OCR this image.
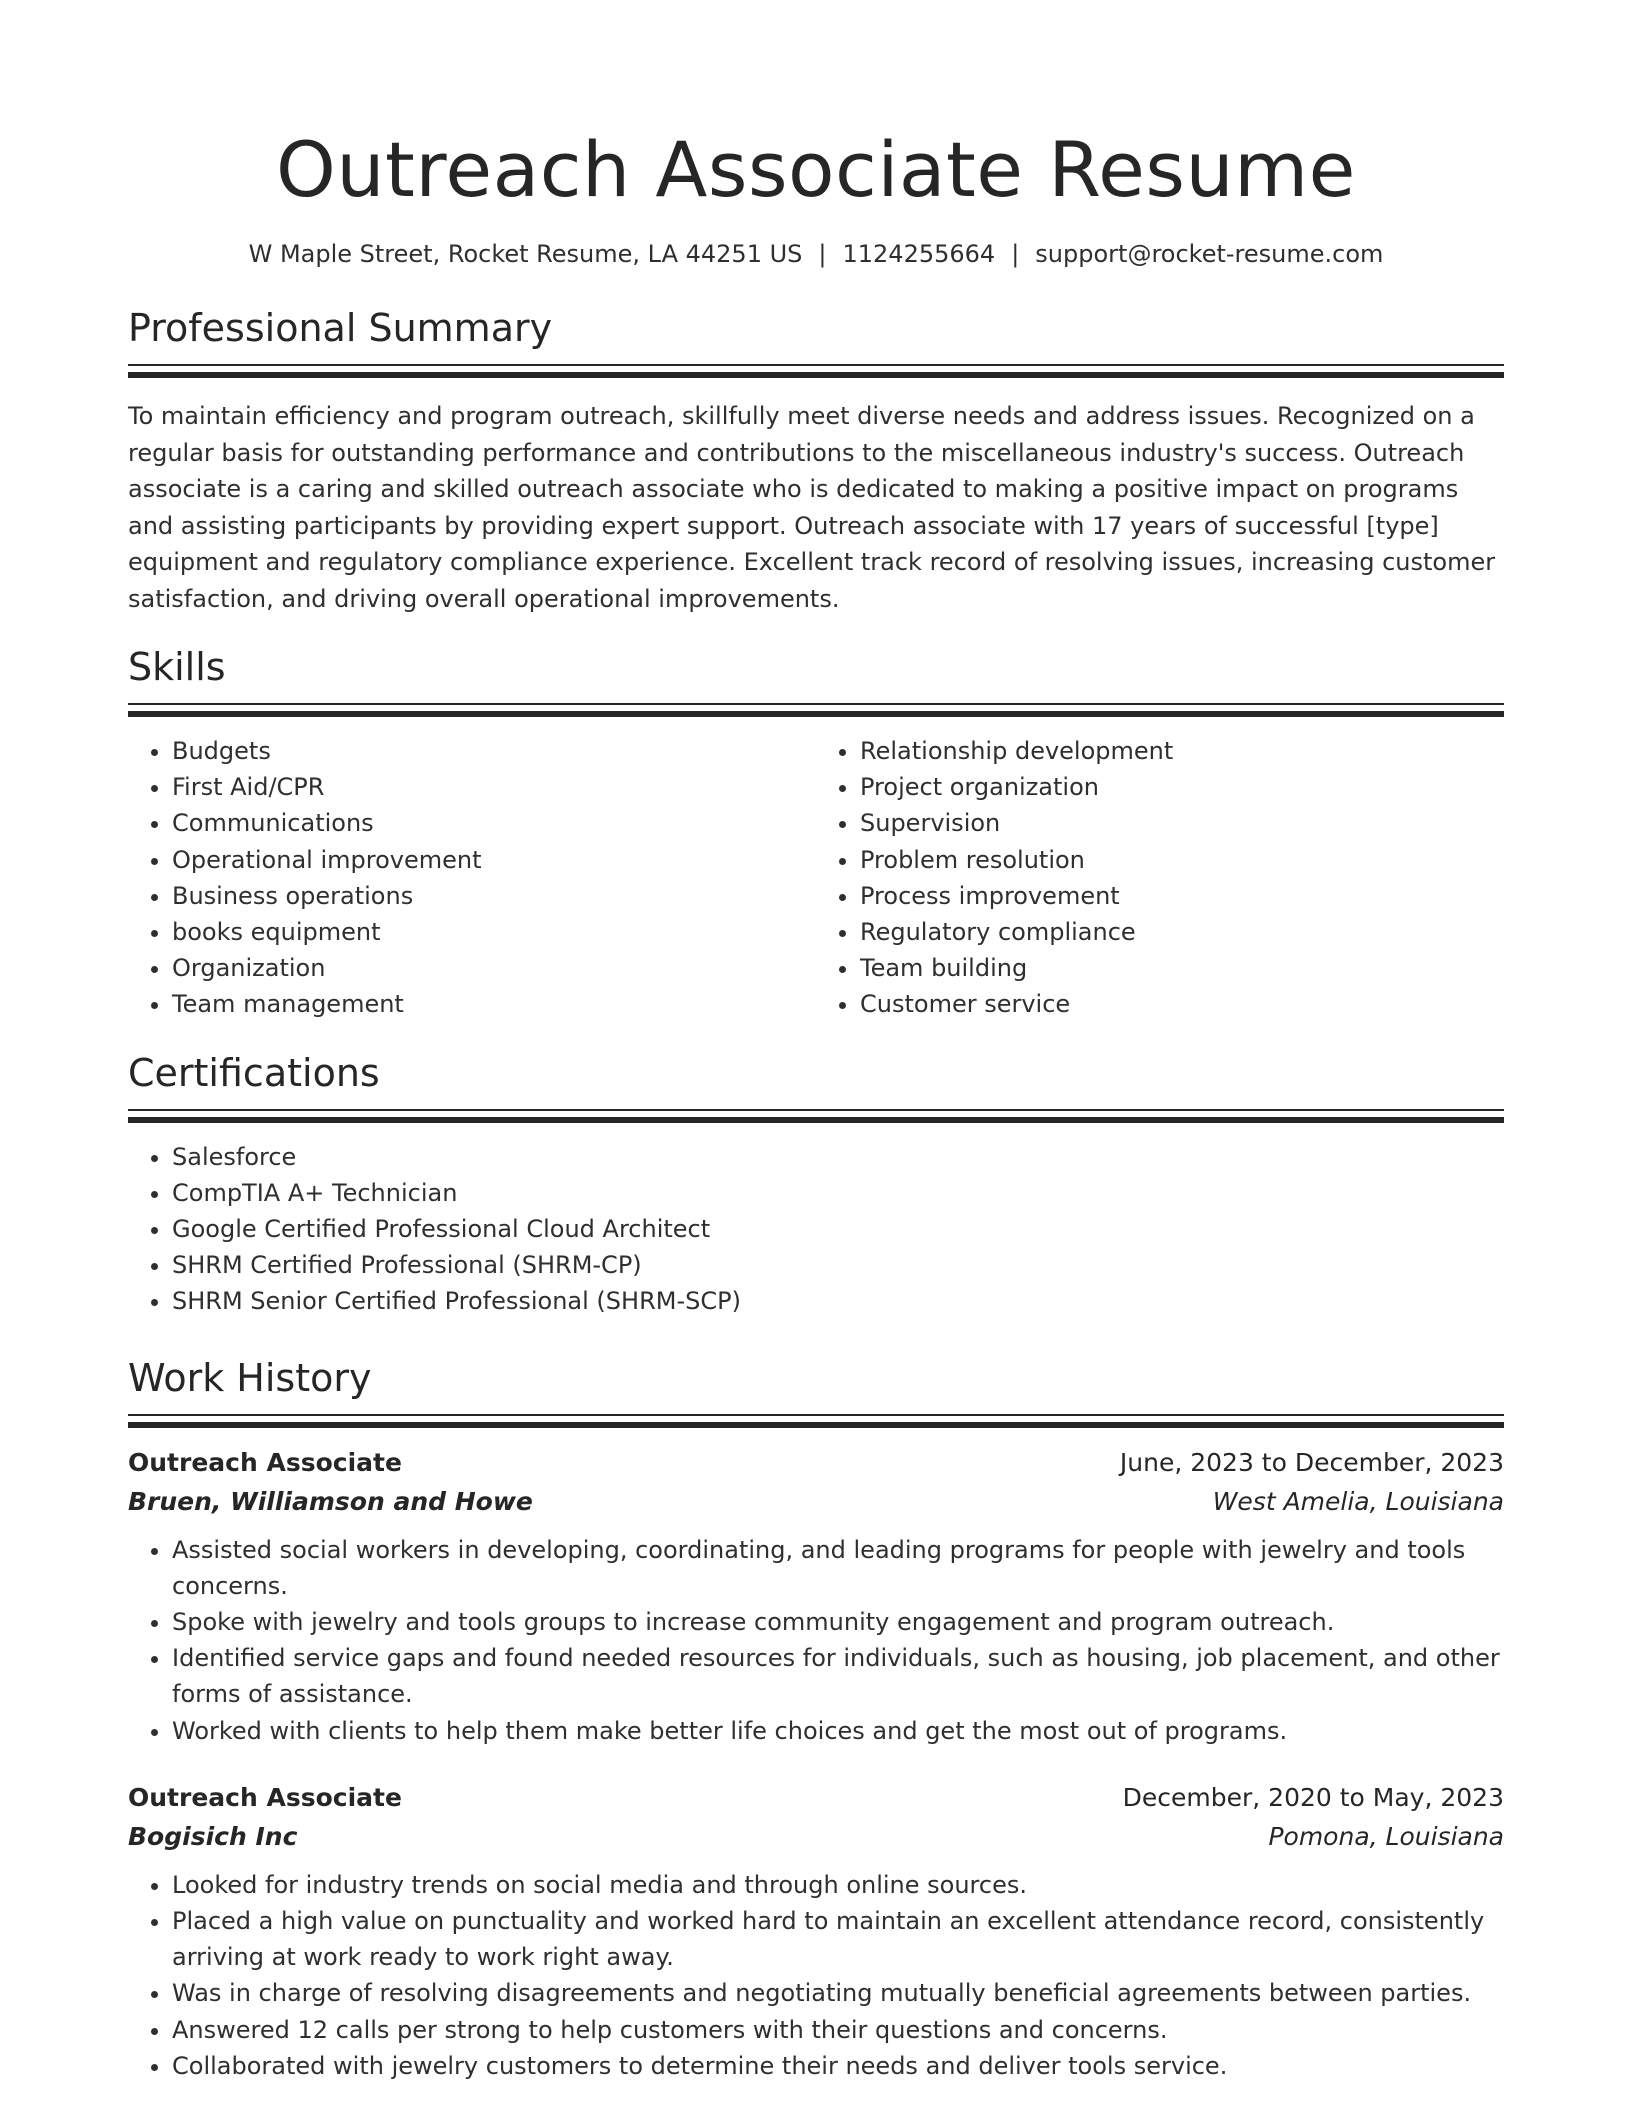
Outreach Associate Resume
W Maple Street, Rocket Resume, LA 44251 US | 1124255664 | support@rocket-resume.com
Professional Summary

To maintain efficiency and program outreach, skillfully meet diverse needs and address issues. Recognized on a regular basis for outstanding performance and contributions to the miscellaneous industry's success. Outreach associate is a caring and skilled outreach associate who is dedicated to making a positive impact on programs and assisting participants by providing expert support. Outreach associate with 17 years of successful [type] equipment and regulatory compliance experience. Excellent track record of resolving issues, increasing customer satisfaction, and driving overall operational improvements.

Skills
• Budgets
• First Aid/CPR
• Communications
• Operational improvement
• Business operations
• books equipment
• Organization
• Team management
• Relationship development
• Project organization
• Supervision
• Problem resolution
• Process improvement
• Regulatory compliance
• Team building
• Customer service
Certifications
• Salesforce
• CompTIA A+ Technician
• Google Certified Professional Cloud Architect
• SHRM Certified Professional (SHRM-CP)
• SHRM Senior Certified Professional (SHRM-SCP)
Work History
Outreach Associate	June, 2023 to December, 2023
Bruen, Williamson and Howe	West Amelia, Louisiana
• Assisted social workers in developing, coordinating, and leading programs for people with jewelry and tools concerns.
• Spoke with jewelry and tools groups to increase community engagement and program outreach.
• Identified service gaps and found needed resources for individuals, such as housing, job placement, and other forms of assistance.
• Worked with clients to help them make better life choices and get the most out of programs.
Outreach Associate	December, 2020 to May, 2023
Bogisich Inc	Pomona, Louisiana
• Looked for industry trends on social media and through online sources.
• Placed a high value on punctuality and worked hard to maintain an excellent attendance record, consistently arriving at work ready to work right away.
• Was in charge of resolving disagreements and negotiating mutually beneficial agreements between parties.
• Answered 12 calls per strong to help customers with their questions and concerns.
• Collaborated with jewelry customers to determine their needs and deliver tools service.
